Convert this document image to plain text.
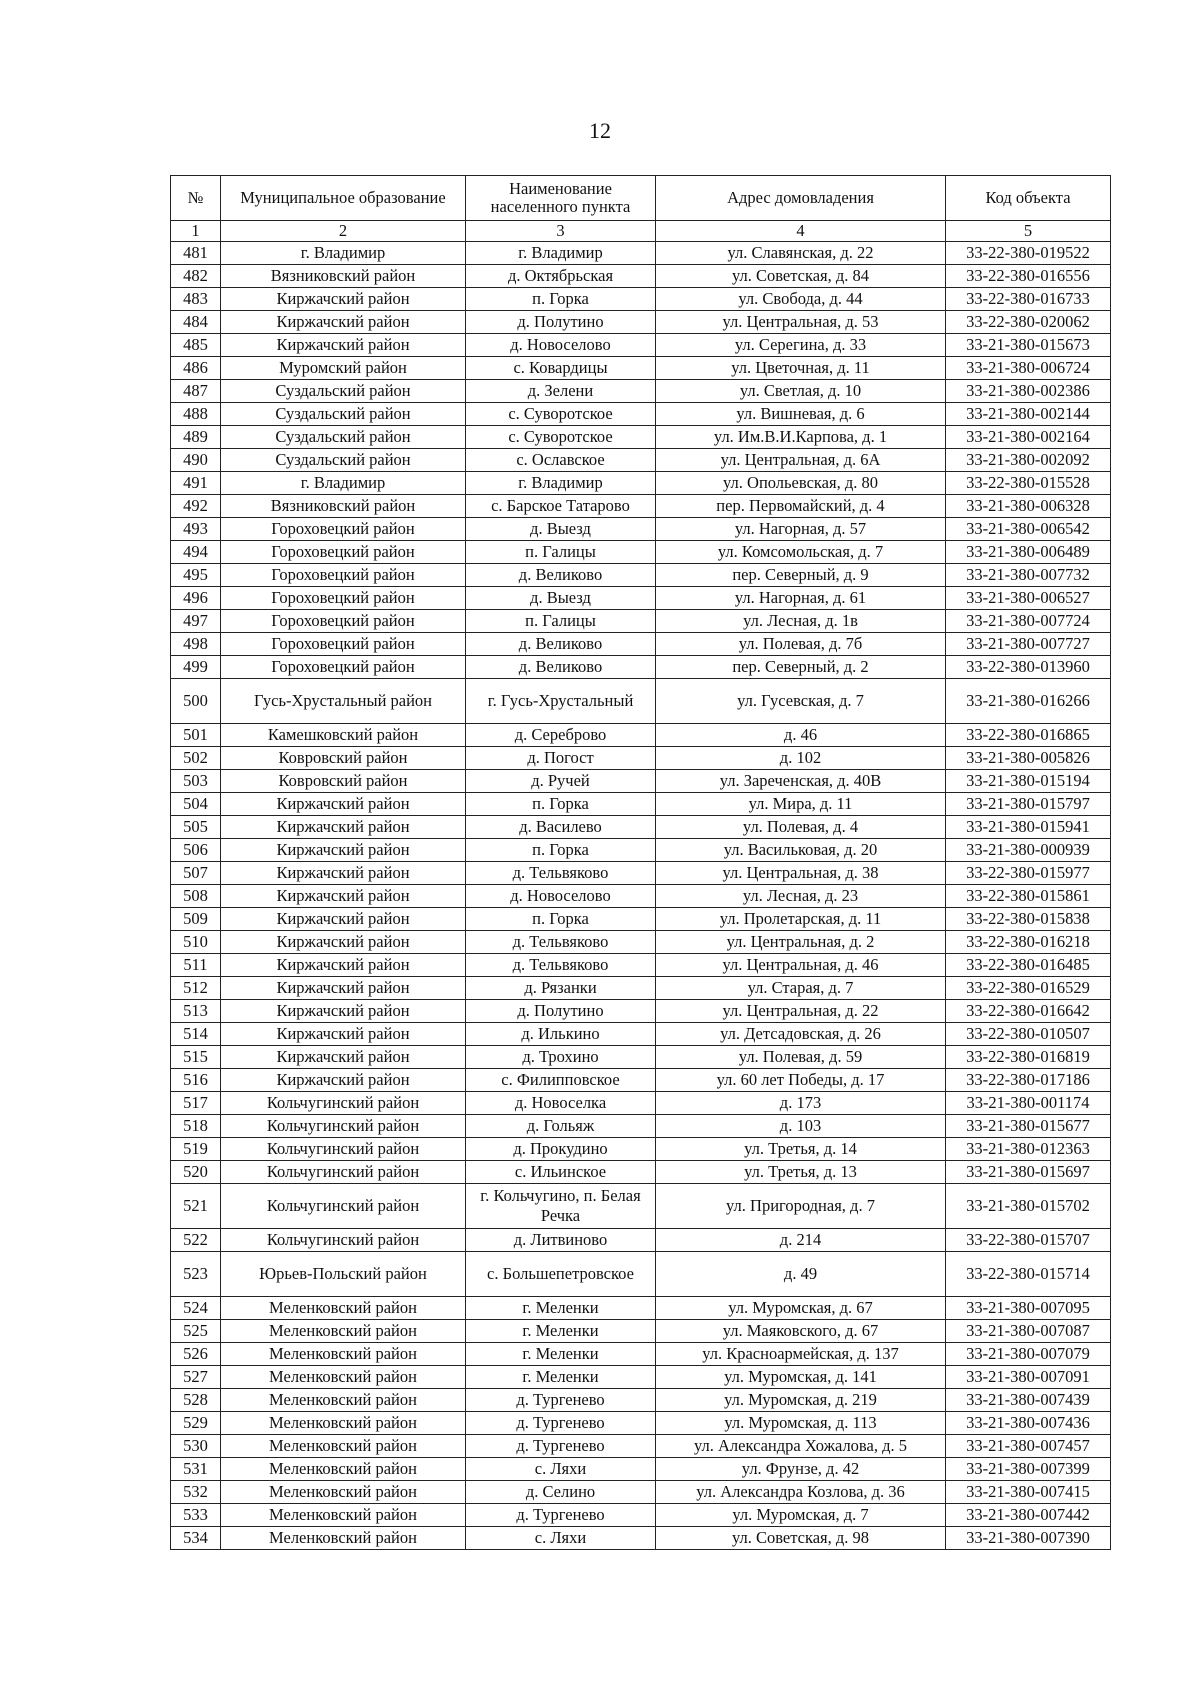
12
№	Муниципальное образование	Наименование населенного пункта	Адрес домовладения	Код объекта
1	2	3	4	5
481	г. Владимир	г. Владимир	ул. Славянская, д. 22	33-22-380-019522
482	Вязниковский район	д. Октябрьская	ул. Советская, д. 84	33-22-380-016556
483	Киржачский район	п. Горка	ул. Свобода, д. 44	33-22-380-016733
484	Киржачский район	д. Полутино	ул. Центральная, д. 53	33-22-380-020062
485	Киржачский район	д. Новоселово	ул. Серегина, д. 33	33-21-380-015673
486	Муромский район	с. Ковардицы	ул. Цветочная, д. 11	33-21-380-006724
487	Суздальский район	д. Зелени	ул. Светлая, д. 10	33-21-380-002386
488	Суздальский район	с. Суворотское	ул. Вишневая, д. 6	33-21-380-002144
489	Суздальский район	с. Суворотское	ул. Им.В.И.Карпова, д. 1	33-21-380-002164
490	Суздальский район	с. Ославское	ул. Центральная, д. 6А	33-21-380-002092
491	г. Владимир	г. Владимир	ул. Опольевская, д. 80	33-22-380-015528
492	Вязниковский район	с. Барское Татарово	пер. Первомайский, д. 4	33-21-380-006328
493	Гороховецкий район	д. Выезд	ул. Нагорная, д. 57	33-21-380-006542
494	Гороховецкий район	п. Галицы	ул. Комсомольская, д. 7	33-21-380-006489
495	Гороховецкий район	д. Великово	пер. Северный, д. 9	33-21-380-007732
496	Гороховецкий район	д. Выезд	ул. Нагорная, д. 61	33-21-380-006527
497	Гороховецкий район	п. Галицы	ул. Лесная, д. 1в	33-21-380-007724
498	Гороховецкий район	д. Великово	ул. Полевая, д. 7б	33-21-380-007727
499	Гороховецкий район	д. Великово	пер. Северный, д. 2	33-22-380-013960
500	Гусь-Хрустальный район	г. Гусь-Хрустальный	ул. Гусевская, д. 7	33-21-380-016266
501	Камешковский район	д. Сереброво	д. 46	33-22-380-016865
502	Ковровский район	д. Погост	д. 102	33-21-380-005826
503	Ковровский район	д. Ручей	ул. Зареченская, д. 40В	33-21-380-015194
504	Киржачский район	п. Горка	ул. Мира, д. 11	33-21-380-015797
505	Киржачский район	д. Василево	ул. Полевая, д. 4	33-21-380-015941
506	Киржачский район	п. Горка	ул. Васильковая, д. 20	33-21-380-000939
507	Киржачский район	д. Тельвяково	ул. Центральная, д. 38	33-22-380-015977
508	Киржачский район	д. Новоселово	ул. Лесная, д. 23	33-22-380-015861
509	Киржачский район	п. Горка	ул. Пролетарская, д. 11	33-22-380-015838
510	Киржачский район	д. Тельвяково	ул. Центральная, д. 2	33-22-380-016218
511	Киржачский район	д. Тельвяково	ул. Центральная, д. 46	33-22-380-016485
512	Киржачский район	д. Рязанки	ул. Старая, д. 7	33-22-380-016529
513	Киржачский район	д. Полутино	ул. Центральная, д. 22	33-22-380-016642
514	Киржачский район	д. Илькино	ул. Детсадовская, д. 26	33-22-380-010507
515	Киржачский район	д. Трохино	ул. Полевая, д. 59	33-22-380-016819
516	Киржачский район	с. Филипповское	ул. 60 лет Победы, д. 17	33-22-380-017186
517	Кольчугинский район	д. Новоселка	д. 173	33-21-380-001174
518	Кольчугинский район	д. Гольяж	д. 103	33-21-380-015677
519	Кольчугинский район	д. Прокудино	ул. Третья, д. 14	33-21-380-012363
520	Кольчугинский район	с. Ильинское	ул. Третья, д. 13	33-21-380-015697
521	Кольчугинский район	г. Кольчугино, п. Белая Речка	ул. Пригородная, д. 7	33-21-380-015702
522	Кольчугинский район	д. Литвиново	д. 214	33-22-380-015707
523	Юрьев-Польский район	с. Большепетровское	д. 49	33-22-380-015714
524	Меленковский район	г. Меленки	ул. Муромская, д. 67	33-21-380-007095
525	Меленковский район	г. Меленки	ул. Маяковского, д. 67	33-21-380-007087
526	Меленковский район	г. Меленки	ул. Красноармейская, д. 137	33-21-380-007079
527	Меленковский район	г. Меленки	ул. Муромская, д. 141	33-21-380-007091
528	Меленковский район	д. Тургенево	ул. Муромская, д. 219	33-21-380-007439
529	Меленковский район	д. Тургенево	ул. Муромская, д. 113	33-21-380-007436
530	Меленковский район	д. Тургенево	ул. Александра Хожалова, д. 5	33-21-380-007457
531	Меленковский район	с. Ляхи	ул. Фрунзе, д. 42	33-21-380-007399
532	Меленковский район	д. Селино	ул. Александра Козлова, д. 36	33-21-380-007415
533	Меленковский район	д. Тургенево	ул. Муромская, д. 7	33-21-380-007442
534	Меленковский район	с. Ляхи	ул. Советская, д. 98	33-21-380-007390
